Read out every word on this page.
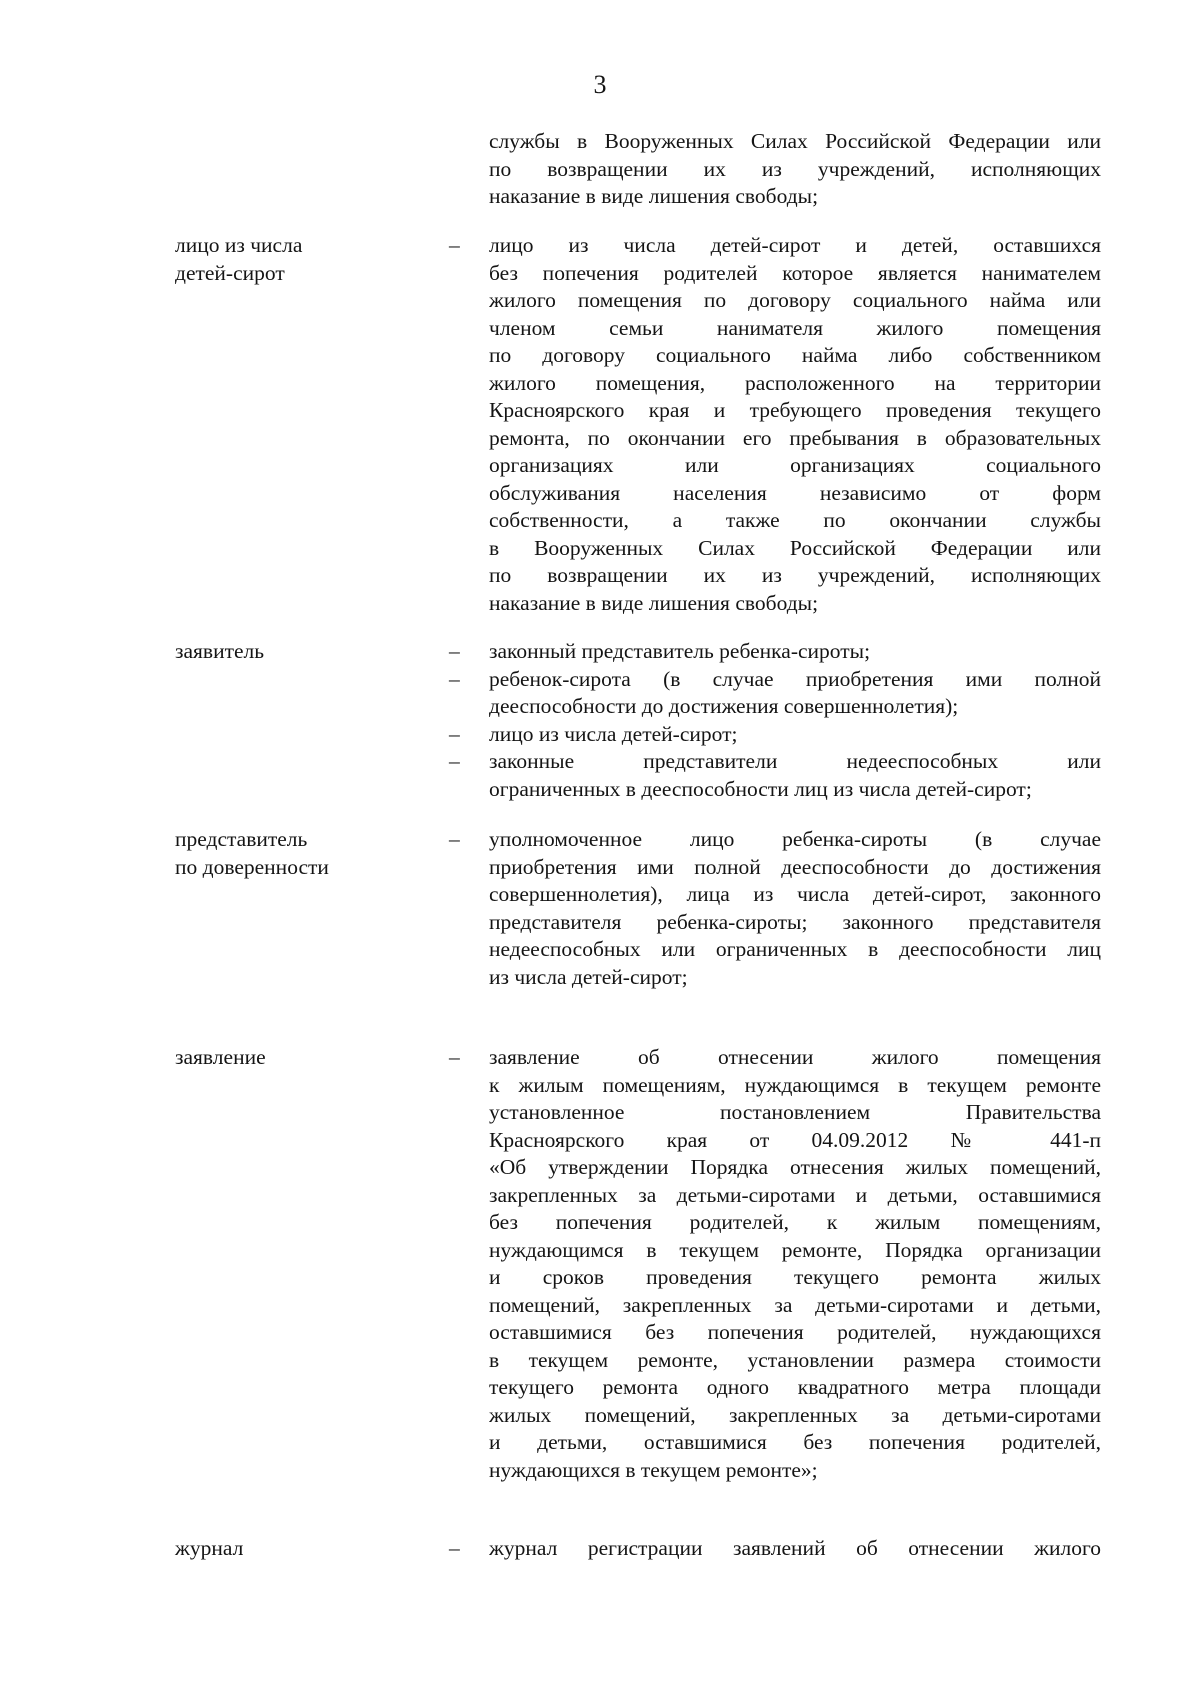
3
службы в Вооруженных Силах Российской Федерации или
по возвращении их из учреждений, исполняющих
наказание в виде лишения свободы;
лицо из числа
детей-сирот
– лицо из числа детей-сирот и детей, оставшихся
без попечения родителей которое является нанимателем
жилого помещения по договору социального найма или
членом семьи нанимателя жилого помещения
по договору социального найма либо собственником
жилого помещения, расположенного на территории
Красноярского края и требующего проведения текущего
ремонта, по окончании его пребывания в образовательных
организациях или организациях социального
обслуживания населения независимо от форм
собственности, а также по окончании службы
в Вооруженных Силах Российской Федерации или
по возвращении их из учреждений, исполняющих
наказание в виде лишения свободы;
заявитель	– законный представитель ребенка-сироты;
– ребенок-сирота (в случае приобретения ими полной
дееспособности до достижения совершеннолетия);
– лицо из числа детей-сирот;
– законные представители недееспособных или
ограниченных в дееспособности лиц из числа детей-сирот;
представитель
по доверенности
– уполномоченное лицо ребенка-сироты (в случае
приобретения ими полной дееспособности до достижения
совершеннолетия), лица из числа детей-сирот, законного
представителя ребенка-сироты; законного представителя
недееспособных или ограниченных в дееспособности лиц
из числа детей-сирот;
заявление	– заявление об отнесении жилого помещения
к жилым помещениям, нуждающимся в текущем ремонте
установленное постановлением Правительства
Красноярского края от 04.09.2012 № 441-п
«Об утверждении Порядка отнесения жилых помещений,
закрепленных за детьми-сиротами и детьми, оставшимися
без попечения родителей, к жилым помещениям,
нуждающимся в текущем ремонте, Порядка организации
и сроков проведения текущего ремонта жилых
помещений, закрепленных за детьми-сиротами и детьми,
оставшимися без попечения родителей, нуждающихся
в текущем ремонте, установлении размера стоимости
текущего ремонта одного квадратного метра площади
жилых помещений, закрепленных за детьми-сиротами
и детьми, оставшимися без попечения родителей,
нуждающихся в текущем ремонте»;
журнал	– журнал регистрации заявлений об отнесении жилого
